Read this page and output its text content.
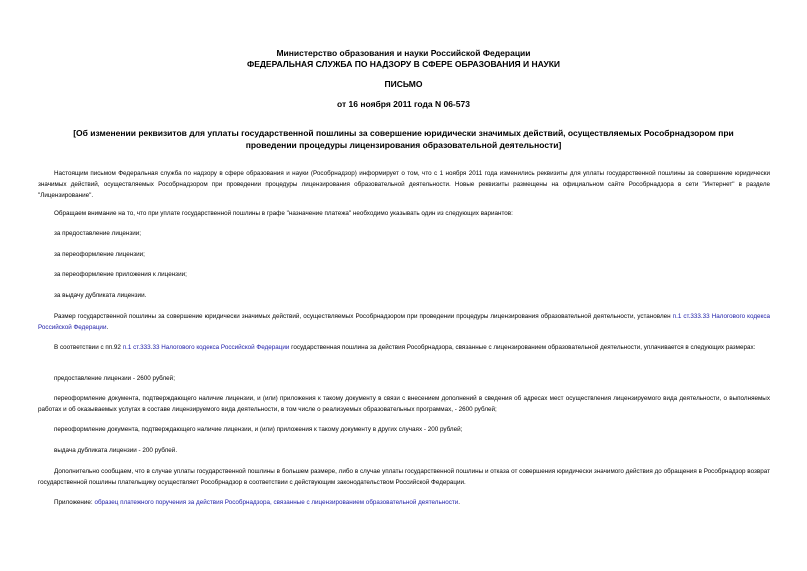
Министерство образования и науки Российской Федерации
ФЕДЕРАЛЬНАЯ СЛУЖБА ПО НАДЗОРУ В СФЕРЕ ОБРАЗОВАНИЯ И НАУКИ
ПИСЬМО
от 16 ноября 2011 года N 06-573
[Об изменении реквизитов для уплаты государственной пошлины за совершение юридически значимых действий, осуществляемых Рособрнадзором при проведении процедуры лицензирования образовательной деятельности]
Настоящим письмом Федеральная служба по надзору в сфере образования и науки (Рособрнадзор) информирует о том, что с 1 ноября 2011 года изменились реквизиты для уплаты государственной пошлины за совершение юридически значимых действий, осуществляемых Рособрнадзором при проведении процедуры лицензирования образовательной деятельности. Новые реквизиты размещены на официальном сайте Рособрнадзора в сети "Интернет" в разделе "Лицензирование".
Обращаем внимание на то, что при уплате государственной пошлины в графе "назначение платежа" необходимо указывать один из следующих вариантов:
за предоставление лицензии;
за переоформление лицензии;
за переоформление приложения к лицензии;
за выдачу дубликата лицензии.
Размер государственной пошлины за совершение юридически значимых действий, осуществляемых Рособрнадзором при проведении процедуры лицензирования образовательной деятельности, установлен п.1 ст.333.33 Налогового кодекса Российской Федерации.
В соответствии с пп.92 п.1 ст.333.33 Налогового кодекса Российской Федерации государственная пошлина за действия Рособрнадзора, связанные с лицензированием образовательной деятельности, уплачивается в следующих размерах:
предоставление лицензии - 2600 рублей;
переоформление документа, подтверждающего наличие лицензии, и (или) приложения к такому документу в связи с внесением дополнений в сведения об адресах мест осуществления лицензируемого вида деятельности, о выполняемых работах и об оказываемых услугах в составе лицензируемого вида деятельности, в том числе о реализуемых образовательных программах, - 2600 рублей;
переоформление документа, подтверждающего наличие лицензии, и (или) приложения к такому документу в других случаях - 200 рублей;
выдача дубликата лицензии - 200 рублей.
Дополнительно сообщаем, что в случае уплаты государственной пошлины в большем размере, либо в случае уплаты государственной пошлины и отказа от совершения юридически значимого действия до обращения в Рособрнадзор возврат государственной пошлины плательщику осуществляет Рособрнадзор в соответствии с действующим законодательством Российской Федерации.
Приложение: образец платежного поручения за действия Рособрнадзора, связанные с лицензированием образовательной деятельности.
